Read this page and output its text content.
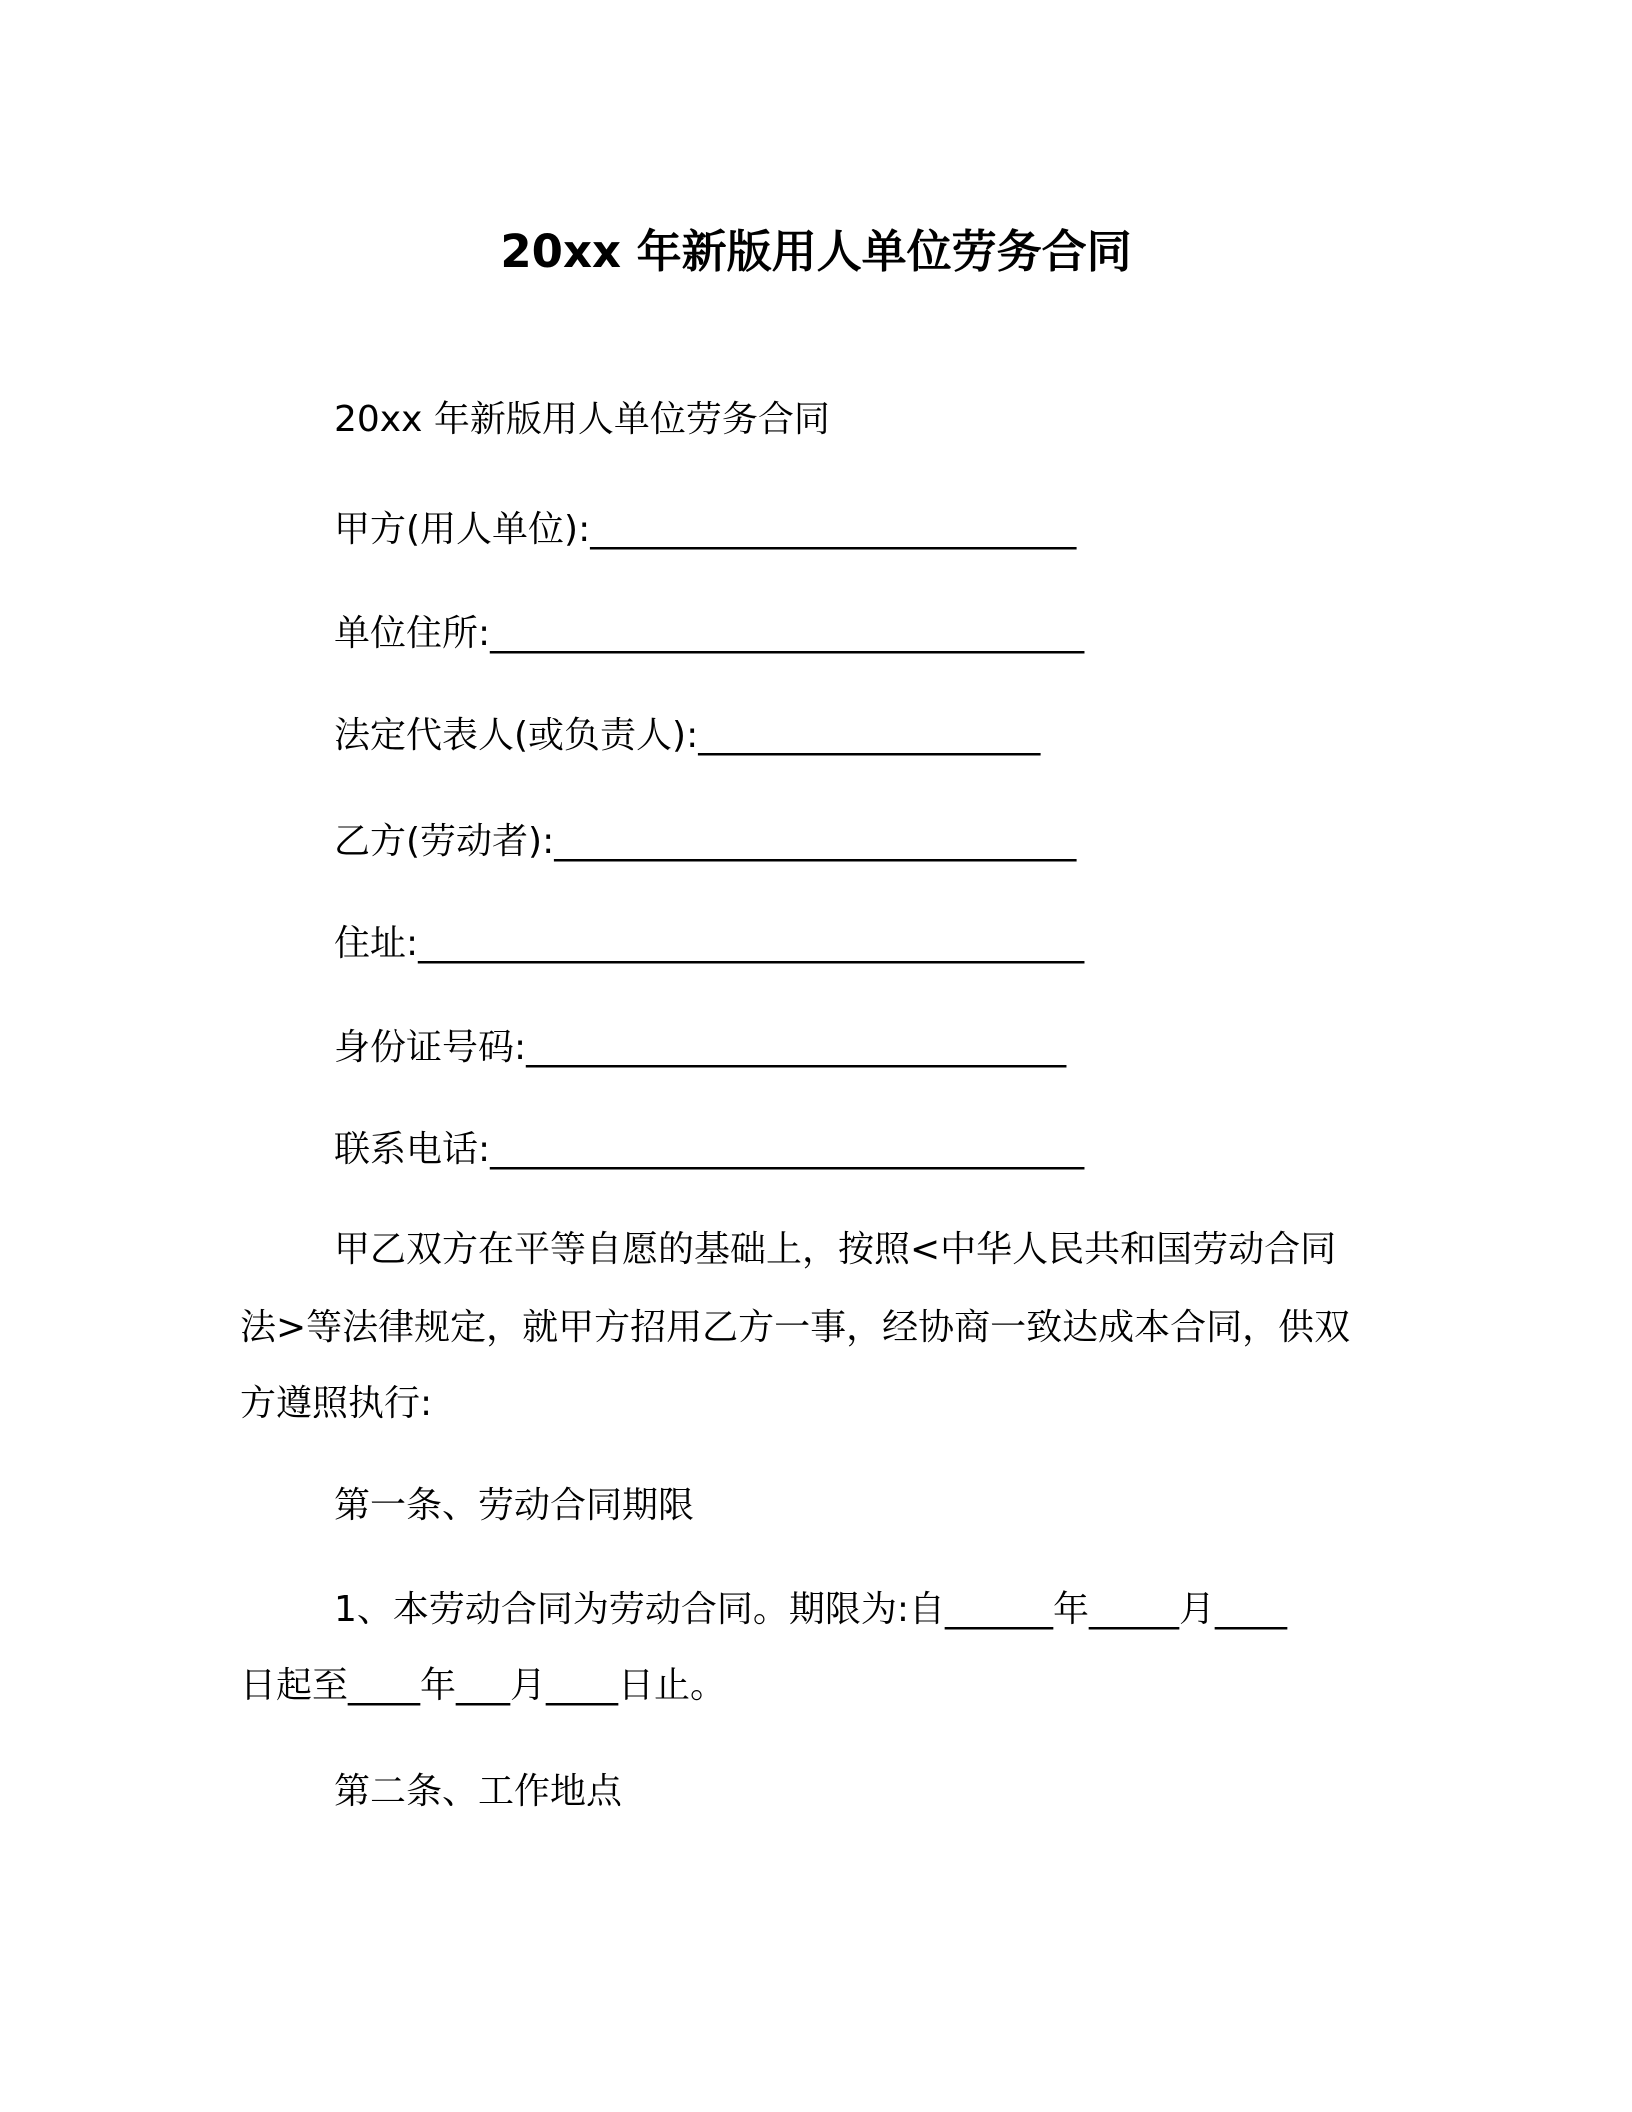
20xx 年新版用人单位劳务合同
20xx 年新版用人单位劳务合同
甲方(用人单位):___________________________
单位住所:_________________________________
法定代表人(或负责人):___________________
乙方(劳动者):_____________________________
住址:_____________________________________
身份证号码:______________________________
联系电话:_________________________________
甲乙双方在平等自愿的基础上，按照<中华人民共和国劳动合同
法>等法律规定，就甲方招用乙方一事，经协商一致达成本合同，供双
方遵照执行:
第一条、劳动合同期限
1、本劳动合同为劳动合同。期限为:自______年_____月____
日起至____年___月____日止。
第二条、工作地点
